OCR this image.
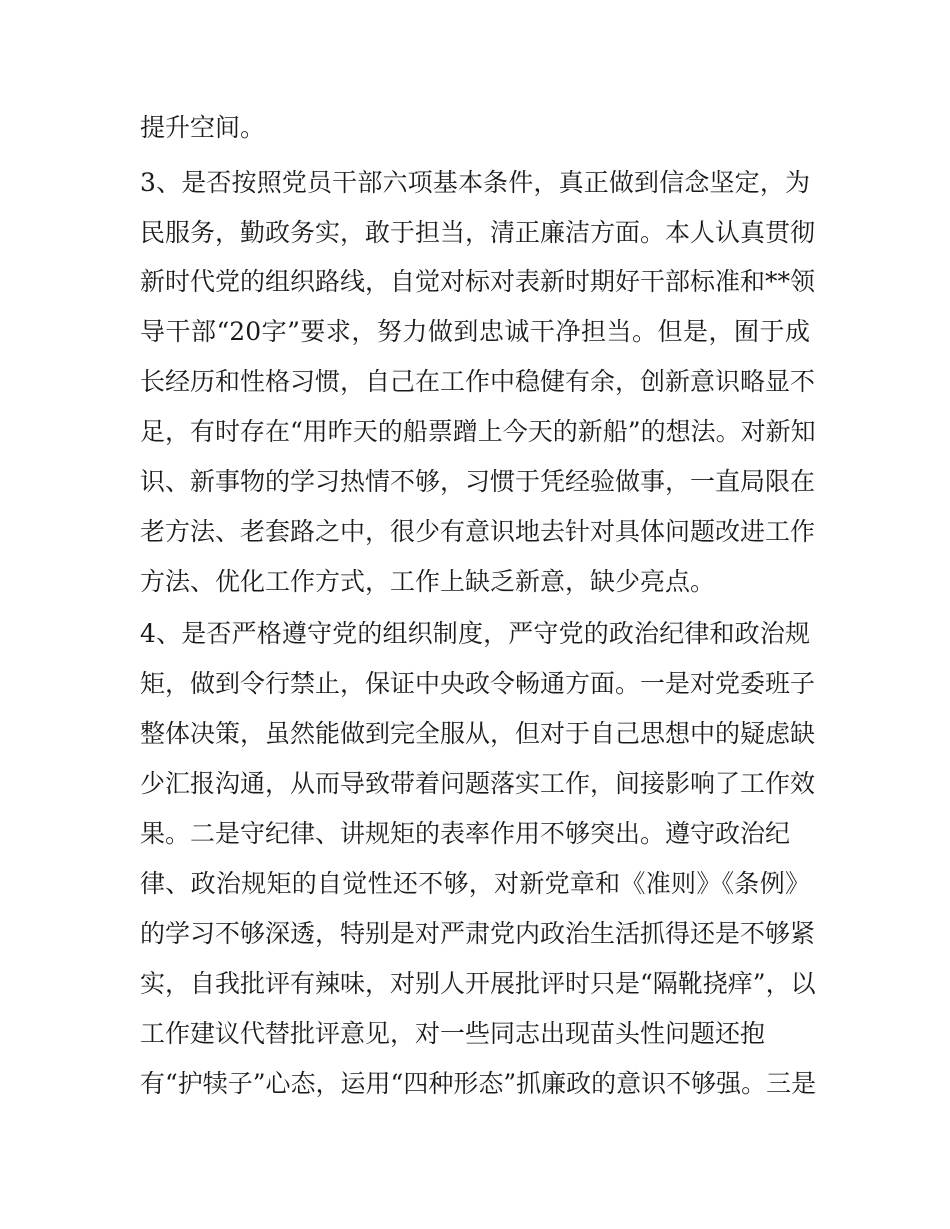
提升空间。
3、是否按照党员干部六项基本条件，真正做到信念坚定，为
民服务，勤政务实，敢于担当，清正廉洁方面。本人认真贯彻
新时代党的组织路线，自觉对标对表新时期好干部标准和**领
导干部“20字”要求，努力做到忠诚干净担当。但是，囿于成
长经历和性格习惯，自己在工作中稳健有余，创新意识略显不
足，有时存在“用昨天的船票蹭上今天的新船”的想法。对新知
识、新事物的学习热情不够，习惯于凭经验做事，一直局限在
老方法、老套路之中，很少有意识地去针对具体问题改进工作
方法、优化工作方式，工作上缺乏新意，缺少亮点。
4、是否严格遵守党的组织制度，严守党的政治纪律和政治规
矩，做到令行禁止，保证中央政令畅通方面。一是对党委班子
整体决策，虽然能做到完全服从，但对于自己思想中的疑虑缺
少汇报沟通，从而导致带着问题落实工作，间接影响了工作效
果。二是守纪律、讲规矩的表率作用不够突出。遵守政治纪
律、政治规矩的自觉性还不够，对新党章和《准则》《条例》
的学习不够深透，特别是对严肃党内政治生活抓得还是不够紧
实，自我批评有辣味，对别人开展批评时只是“隔靴挠痒”，以
工作建议代替批评意见，对一些同志出现苗头性问题还抱
有“护犊子”心态，运用“四种形态”抓廉政的意识不够强。三是
